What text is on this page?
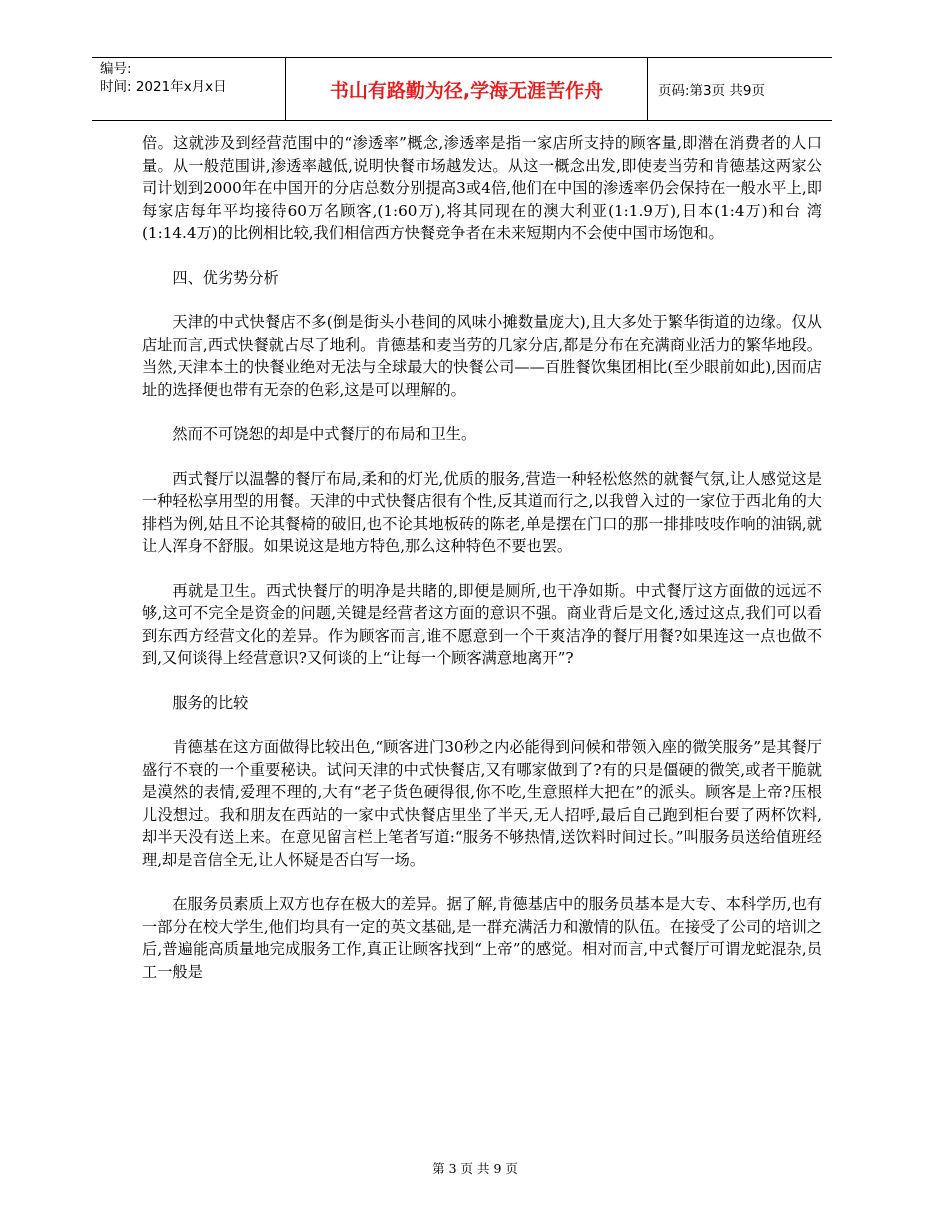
编号:
时间: 2021年x月x日	书山有路勤为径,学海无涯苦作舟	页码:第3页 共9页

倍。这就涉及到经营范围中的“渗透率”概念,渗透率是指一家店所支持的顾客量,即潜在消费者的人口量。从一般范围讲,渗透率越低,说明快餐市场越发达。从这一概念出发,即使麦当劳和肯德基这两家公司计划到2000年在中国开的分店总数分别提高3或4倍,他们在中国的渗透率仍会保持在一般水平上,即每家店每年平均接待60万名顾客,(1:60万),将其同现在的澳大利亚(1:1.9万),日本(1:4万)和台 湾(1:14.4万)的比例相比较,我们相信西方快餐竞争者在未来短期内不会使中国市场饱和。

四、优劣势分析

天津的中式快餐店不多(倒是街头小巷间的风味小摊数量庞大),且大多处于繁华街道的边缘。仅从店址而言,西式快餐就占尽了地利。肯德基和麦当劳的几家分店,都是分布在充满商业活力的繁华地段。当然,天津本土的快餐业绝对无法与全球最大的快餐公司——百胜餐饮集团相比(至少眼前如此),因而店址的选择便也带有无奈的色彩,这是可以理解的。

然而不可饶恕的却是中式餐厅的布局和卫生。

西式餐厅以温馨的餐厅布局,柔和的灯光,优质的服务,营造一种轻松悠然的就餐气氛,让人感觉这是一种轻松享用型的用餐。天津的中式快餐店很有个性,反其道而行之,以我曾入过的一家位于西北角的大排档为例,姑且不论其餐椅的破旧,也不论其地板砖的陈老,单是摆在门口的那一排排吱吱作响的油锅,就让人浑身不舒服。如果说这是地方特色,那么这种特色不要也罢。

再就是卫生。西式快餐厅的明净是共睹的,即便是厕所,也干净如斯。中式餐厅这方面做的远远不够,这可不完全是资金的问题,关键是经营者这方面的意识不强。商业背后是文化,透过这点,我们可以看到东西方经营文化的差异。作为顾客而言,谁不愿意到一个干爽洁净的餐厅用餐?如果连这一点也做不到,又何谈得上经营意识?又何谈的上“让每一个顾客满意地离开”?

服务的比较

肯德基在这方面做得比较出色,“顾客进门30秒之内必能得到问候和带领入座的微笑服务”是其餐厅盛行不衰的一个重要秘诀。试问天津的中式快餐店,又有哪家做到了?有的只是僵硬的微笑,或者干脆就是漠然的表情,爱理不理的,大有“老子货色硬得很,你不吃,生意照样大把在”的派头。顾客是上帝?压根儿没想过。我和朋友在西站的一家中式快餐店里坐了半天,无人招呼,最后自己跑到柜台要了两杯饮料,却半天没有送上来。在意见留言栏上笔者写道:“服务不够热情,送饮料时间过长。”叫服务员送给值班经理,却是音信全无,让人怀疑是否白写一场。

在服务员素质上双方也存在极大的差异。据了解,肯德基店中的服务员基本是大专、本科学历,也有一部分在校大学生,他们均具有一定的英文基础,是一群充满活力和激情的队伍。在接受了公司的培训之后,普遍能高质量地完成服务工作,真正让顾客找到“上帝”的感觉。相对而言,中式餐厅可谓龙蛇混杂,员工一般是

第 3 页 共 9 页
